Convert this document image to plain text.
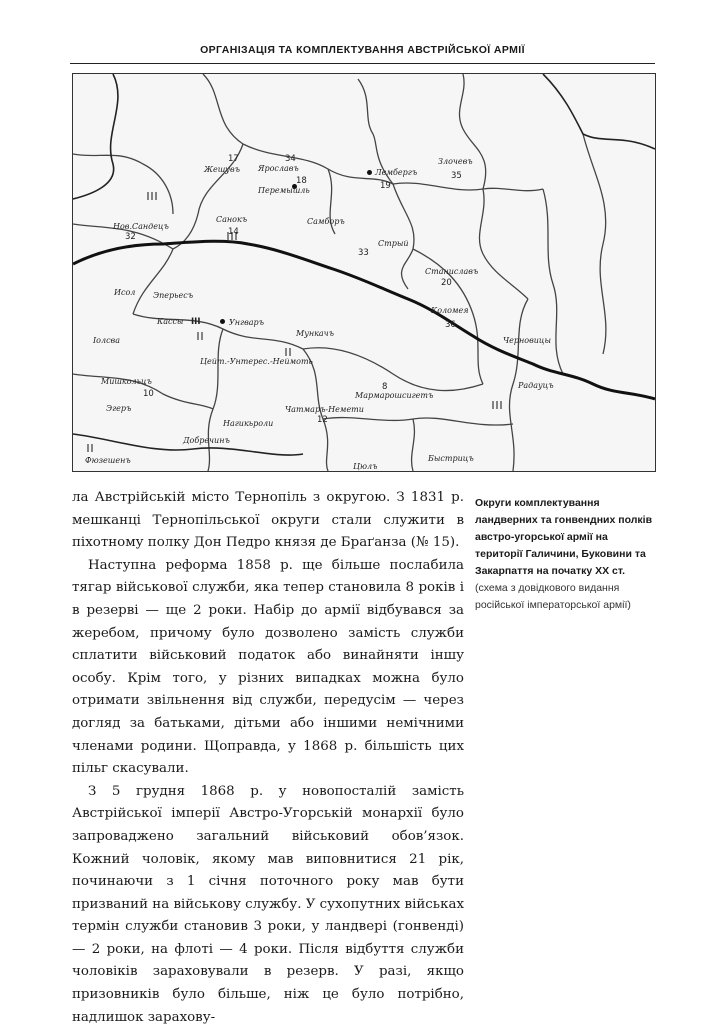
ОРГАНІЗАЦІЯ ТА КОМПЛЕКТУВАННЯ АВСТРІЙСЬКОЇ АРМІЇ
Лембергъ
19
Злочевъ
35
Перемышль
18
Ярославъ
34
Жешувъ
17
Самборъ
Санокъ
14
Нов.Сандецъ
32
Стрый
33
Станиславъ
20
Коломея
36
Черновицы
Радауцъ
Кассы III	Унгваръ
Мункачъ
Цейт.-Унтерес.-Неймоть
Мишкольцъ
10
Эгеръ
Эперьесъ
Исол
Іолсва
Чатмаръ-Немети
12
Мармарошсигетъ
8
Нагикьроли
Добречинъ
Фюзешенъ	Быстрицъ
Цюлъ

ла Австрійській місто Тернопіль з округою. З 1831 р. мешканці Тернопільської округи стали служити в піхотному полку Дон Педро князя де Браґанза (№ 15).

Наступна реформа 1858 р. ще більше послабила тягар військової служби, яка тепер становила 8 років і в резерві — ще 2 роки. Набір до армії відбувався за жеребом, причому було дозволено замість служби сплатити військовий податок або винайняти іншу особу. Крім того, у різних випадках можна було отримати звільнення від служби, передусім — через догляд за батьками, дітьми або іншими немічними членами родини. Щоправда, у 1868 р. більшість цих пільг скасували.

З 5 грудня 1868 р. у новопосталій замість Австрійської імперії Австро-Угорській монархії було запроваджено загальний військовий обов’язок. Кожний чоловік, якому мав виповнитися 21 рік, починаючи з 1 січня поточного року мав бути призваний на військову службу. У сухопутних військах термін служби становив 3 роки, у ландвері (гонвенді) — 2 роки, на флоті — 4 роки. Після відбуття служби чоловіків зараховували в резерв. У разі, якщо призовників було більше, ніж це було потрібно, надлишок зарахову-

Округи комплектування ландверних та гонвендних полків австро-угорської армії на території Галичини, Буковини та Закарпаття на початку ХХ ст.
(схема з довідкового видання російської імператорської армії)
